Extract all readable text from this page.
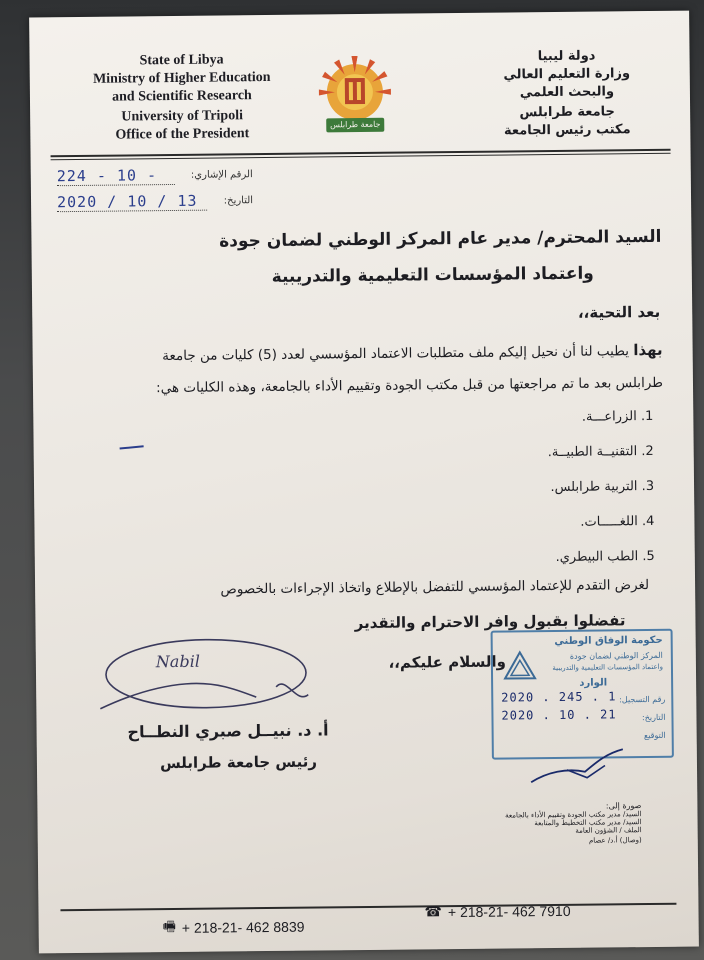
State of Libya
Ministry of Higher Education
and Scientific Research
University of Tripoli
Office of the President
جامعة طرابلس
دولة ليبيا
وزارة التعليم العالي
والبحث العلمي
جامعة طرابلس
مكتب رئيس الجامعة
الرقم الإشاري:
224 - 10 -
التاريخ:
2020 / 10 / 13
السيد المحترم/ مدير عام المركز الوطني لضمان جودة
واعتماد المؤسسات التعليمية والتدريبية
بعد التحية،،
بهذا يطيب لنا أن نحيل إليكم ملف متطلبات الاعتماد المؤسسي لعدد (5) كليات من جامعة
طرابلس بعد ما تم مراجعتها من قبل مكتب الجودة وتقييم الأداء بالجامعة، وهذه الكليات هي:
1. الزراعـــة.
2. التقنيــة الطبيــة.
3. التربية طرابلس.
4. اللغـــــات.
5. الطب البيطري.
لغرض التقدم للإعتماد المؤسسي للتفضل بالإطلاع واتخاذ الإجراءات بالخصوص
تفضلوا بقبول وافر الاحترام والتقدير
والسلام عليكم،،
Nabil
أ. د. نبيــل صبري النطــاح
رئيس جامعة طرابلس
حكومة الوفاق الوطني
المركز الوطني لضمان جودة
واعتماد المؤسسات التعليمية والتدريبية
الوارد
رقم التسجيل:
2020 . 245 . 1
التاريخ:
2020 . 10 . 21
التوقيع
صورة إلى:
السيد/ مدير مكتب الجودة وتقييم الأداء بالجامعة
السيد/ مدير مكتب التخطيط والمتابعة
الملف / الشؤون العامة
(وصال) أ.د/ عصام
🖷 + 218-21- 462 8839
☎ + 218-21- 462 7910
